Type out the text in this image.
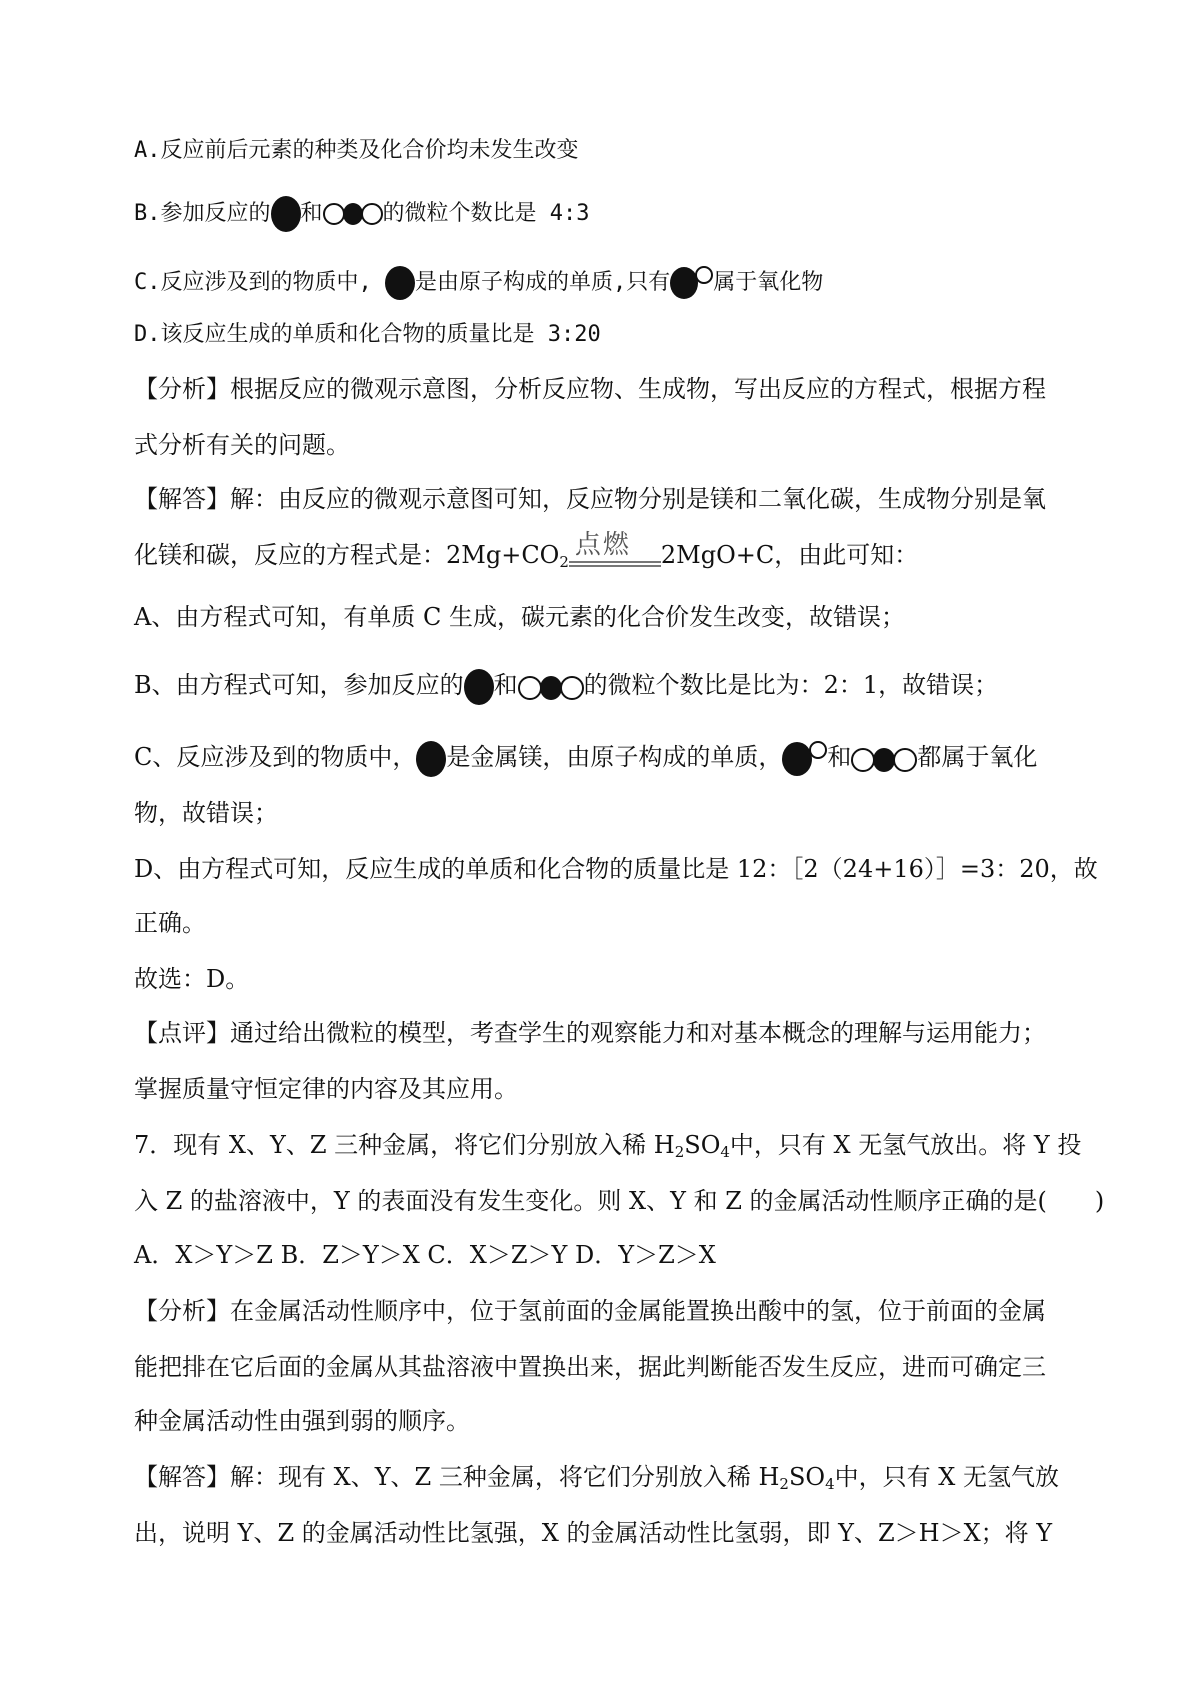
A.反应前后元素的种类及化合价均未发生改变
B.参加反应的 和	的微粒个数比是 4:3
C.反应涉及到的物质中, 是由原子构成的单质,只有 属于氧化物
D.该反应生成的单质和化合物的质量比是 3:20
【分析】根据反应的微观示意图，分析反应物、生成物，写出反应的方程式，根据方程
式分析有关的问题。
【解答】解：由反应的微观示意图可知，反应物分别是镁和二氧化碳，生成物分别是氧
化镁和碳，反应的方程式是：$2Mg+CO_2$
点燃 2MgO+C，由此可知：
A、由方程式可知，有单质 C 生成，碳元素的化合价发生改变，故错误；
B、由方程式可知，参加反应的 和	的微粒个数比是比为：2：1，故错误；
C、反应涉及到的物质中， 是金属镁，由原子构成的单质， 和	都属于氧化
物，故错误；
D、由方程式可知，反应生成的单质和化合物的质量比是 12：［2（24+16）］=3：20，故
正确。
故选：D。
【点评】通过给出微粒的模型，考查学生的观察能力和对基本概念的理解与运用能力；
掌握质量守恒定律的内容及其应用。
7．现有 X、Y、Z 三种金属，将它们分别放入稀 $H_2SO_4$中，只有 X 无氢气放出。将 Y 投
入 Z 的盐溶液中，Y 的表面没有发生变化。则 X、Y 和 Z 的金属活动性顺序正确的是(　　)
A．X＞Y＞Z B．Z＞Y＞X C．X＞Z＞Y D．Y＞Z＞X
【分析】在金属活动性顺序中，位于氢前面的金属能置换出酸中的氢，位于前面的金属
能把排在它后面的金属从其盐溶液中置换出来，据此判断能否发生反应，进而可确定三
种金属活动性由强到弱的顺序。
【解答】解：现有 X、Y、Z 三种金属，将它们分别放入稀 $H_2SO_4$中，只有 X 无氢气放
出，说明 Y、Z 的金属活动性比氢强，X 的金属活动性比氢弱，即 Y、Z＞H＞X；将 Y
